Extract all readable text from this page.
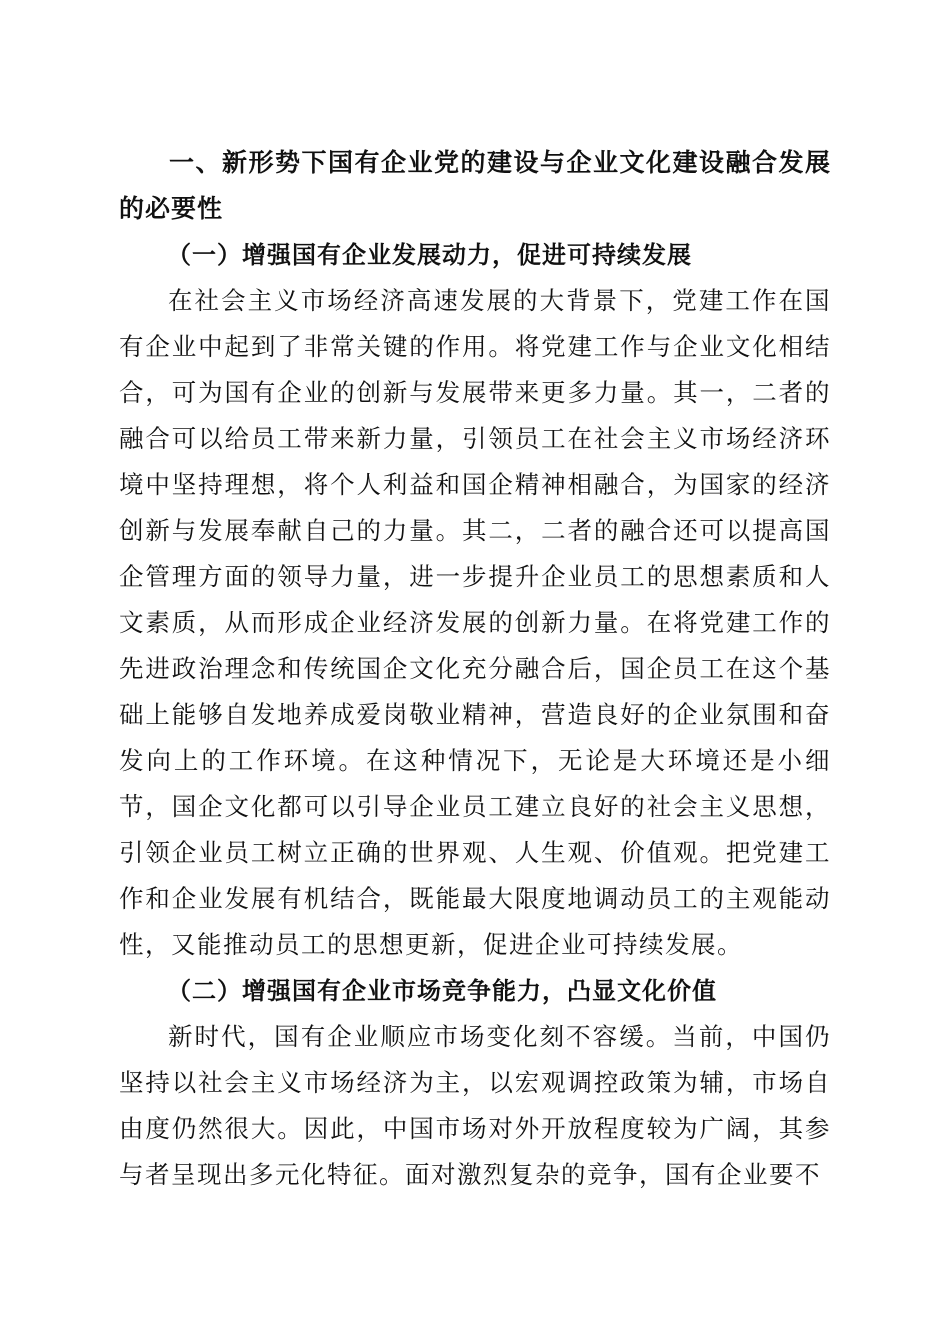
一、新形势下国有企业党的建设与企业文化建设融合发展的必要性

（一）增强国有企业发展动力，促进可持续发展

在社会主义市场经济高速发展的大背景下，党建工作在国有企业中起到了非常关键的作用。将党建工作与企业文化相结合，可为国有企业的创新与发展带来更多力量。其一，二者的融合可以给员工带来新力量，引领员工在社会主义市场经济环境中坚持理想，将个人利益和国企精神相融合，为国家的经济创新与发展奉献自己的力量。其二，二者的融合还可以提高国企管理方面的领导力量，进一步提升企业员工的思想素质和人文素质，从而形成企业经济发展的创新力量。在将党建工作的先进政治理念和传统国企文化充分融合后，国企员工在这个基础上能够自发地养成爱岗敬业精神，营造良好的企业氛围和奋发向上的工作环境。在这种情况下，无论是大环境还是小细节，国企文化都可以引导企业员工建立良好的社会主义思想，引领企业员工树立正确的世界观、人生观、价值观。把党建工作和企业发展有机结合，既能最大限度地调动员工的主观能动性，又能推动员工的思想更新，促进企业可持续发展。

（二）增强国有企业市场竞争能力，凸显文化价值

新时代，国有企业顺应市场变化刻不容缓。当前，中国仍坚持以社会主义市场经济为主，以宏观调控政策为辅，市场自由度仍然很大。因此，中国市场对外开放程度较为广阔，其参与者呈现出多元化特征。面对激烈复杂的竞争，国有企业要不
